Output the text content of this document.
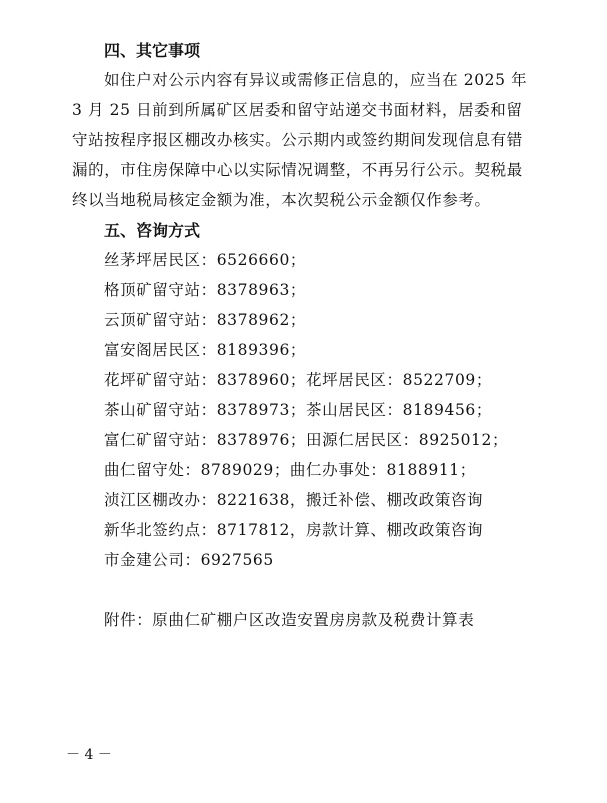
四、其它事项
如住户对公示内容有异议或需修正信息的，应当在 2025 年
3 月 25 日前到所属矿区居委和留守站递交书面材料，居委和留
守站按程序报区棚改办核实。公示期内或签约期间发现信息有错
漏的，市住房保障中心以实际情况调整，不再另行公示。契税最
终以当地税局核定金额为准，本次契税公示金额仅作参考。
五、咨询方式
丝茅坪居民区：6526660；
格顶矿留守站：8378963；
云顶矿留守站：8378962；
富安阁居民区：8189396；
花坪矿留守站：8378960；花坪居民区：8522709；
茶山矿留守站：8378973；茶山居民区：8189456；
富仁矿留守站：8378976；田源仁居民区：8925012；
曲仁留守处：8789029；曲仁办事处：8188911；
浈江区棚改办：8221638，搬迁补偿、棚改政策咨询
新华北签约点：8717812，房款计算、棚改政策咨询
市金建公司：6927565
附件：原曲仁矿棚户区改造安置房房款及税费计算表
－ 4 －
